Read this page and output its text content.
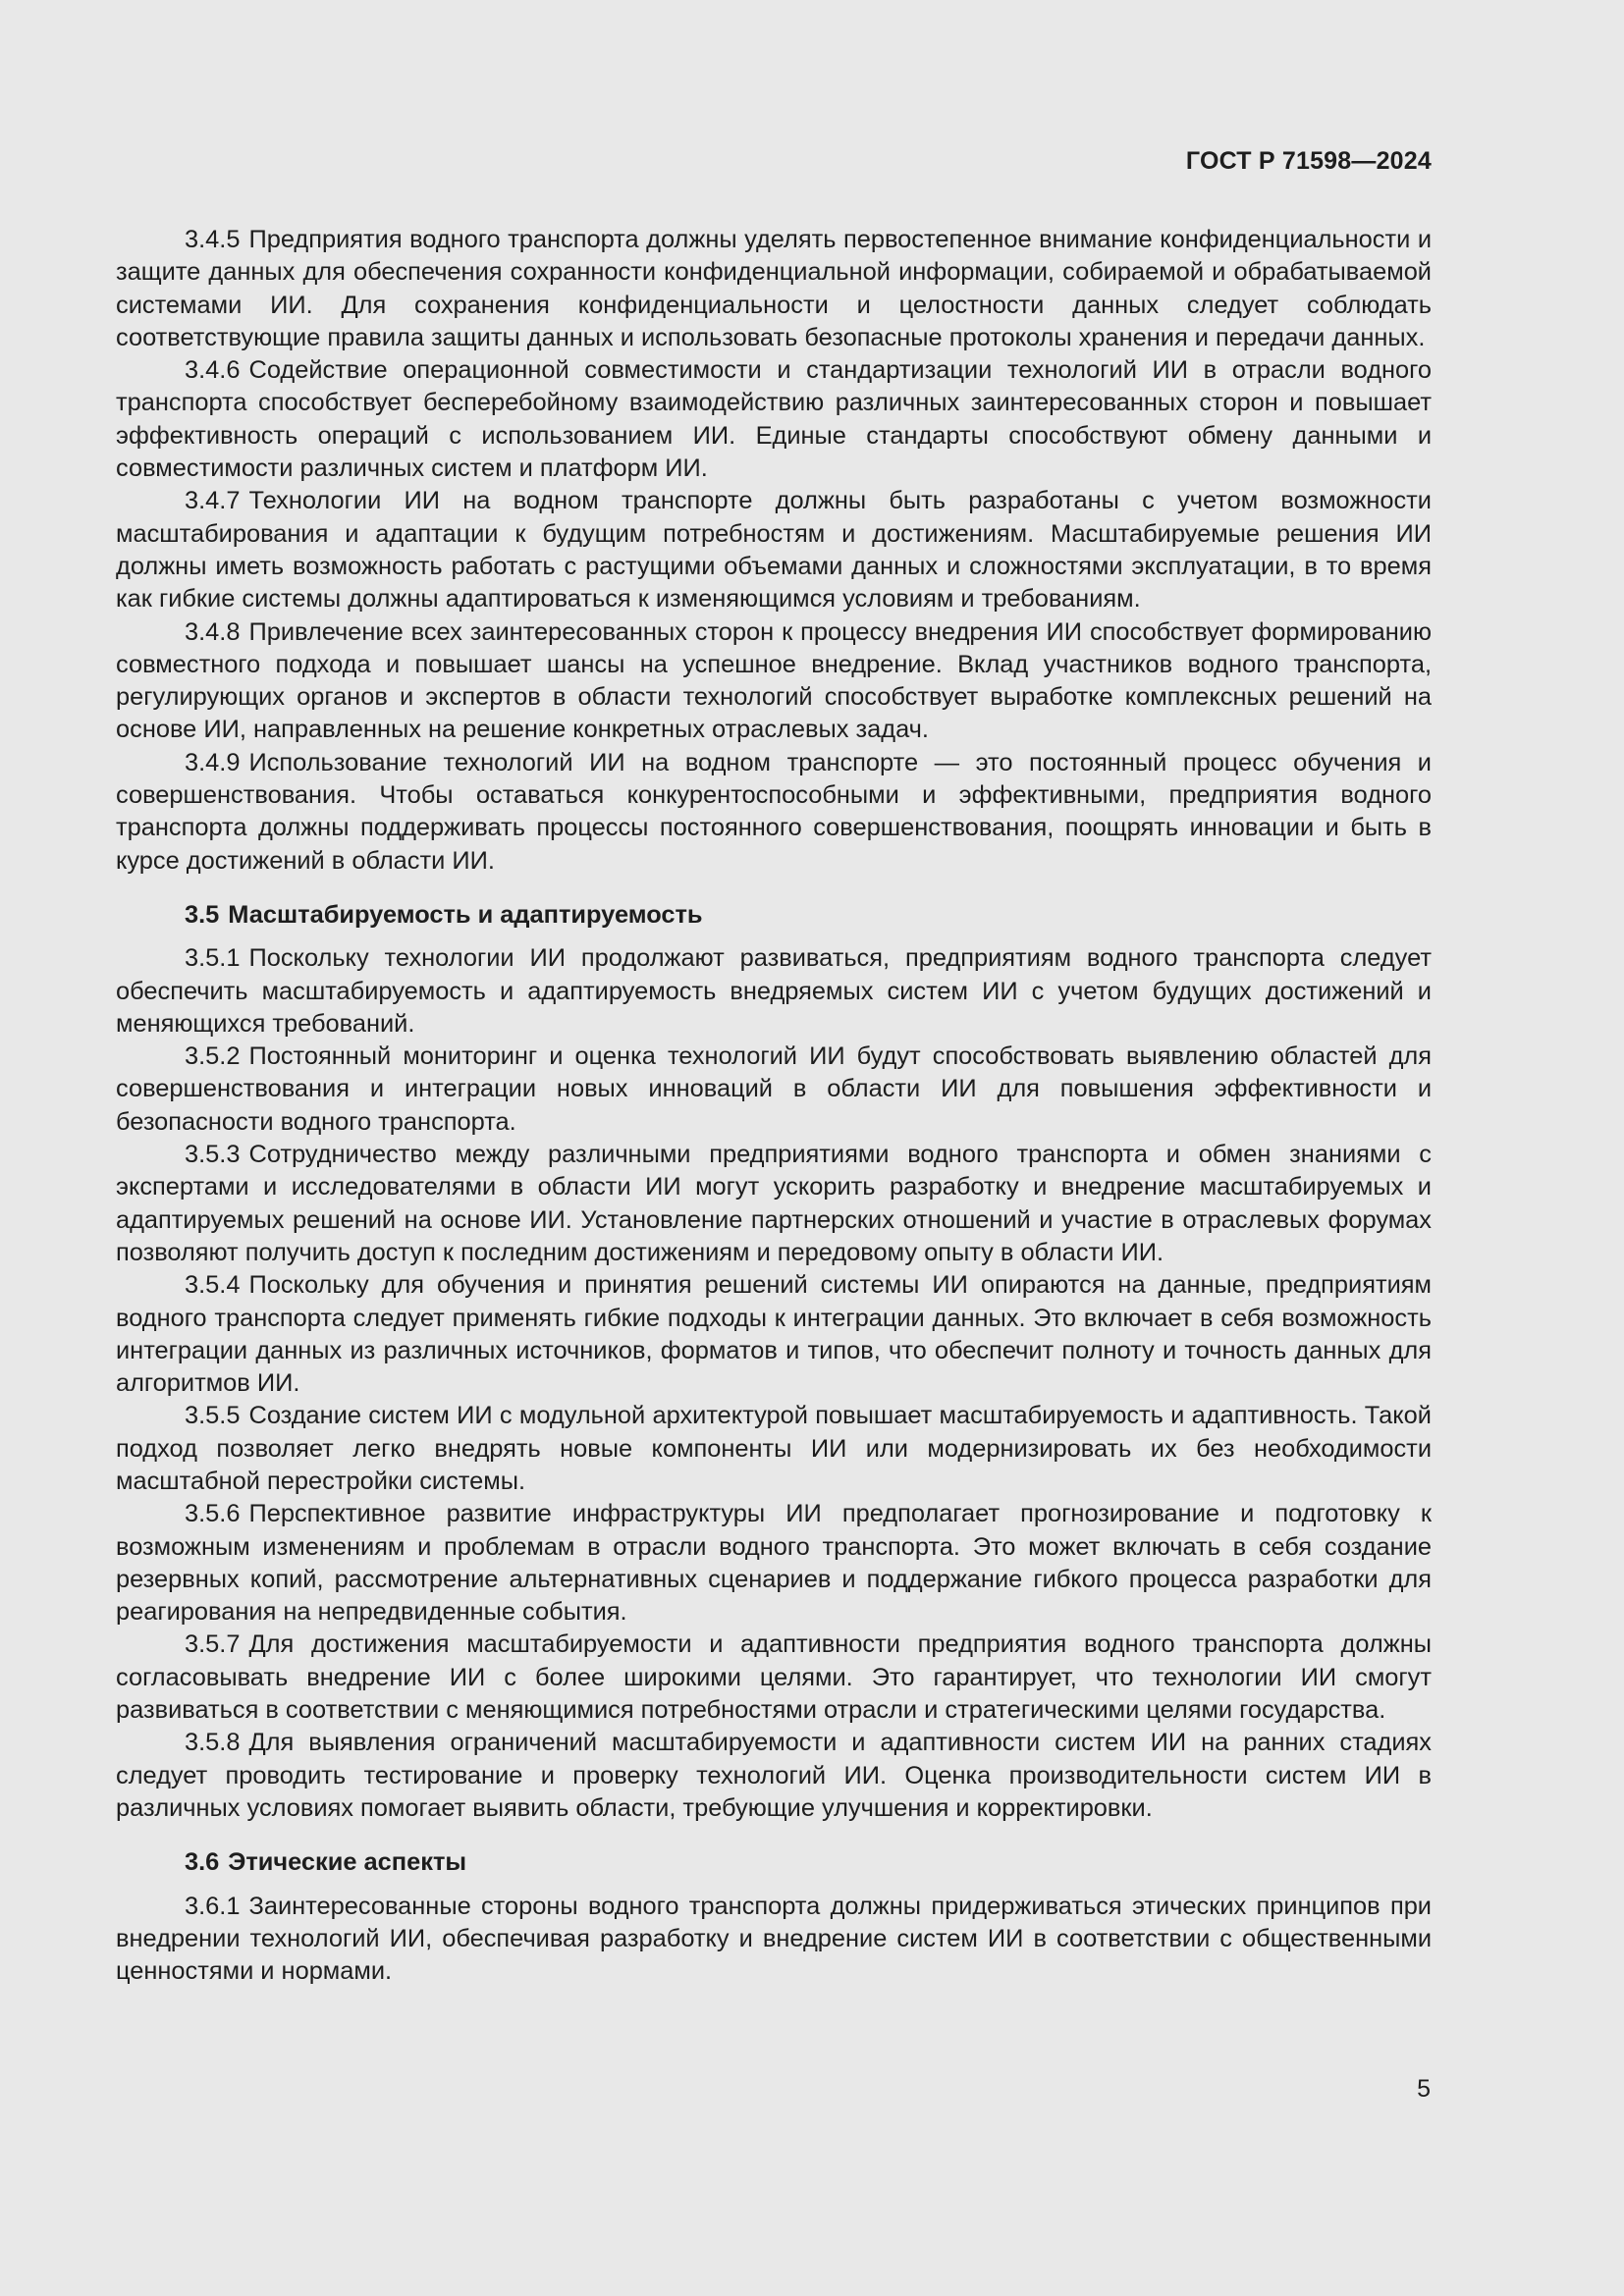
ГОСТ Р 71598—2024

3.4.5 Предприятия водного транспорта должны уделять первостепенное внимание конфиденциальности и защите данных для обеспечения сохранности конфиденциальной информации, собираемой и обрабатываемой системами ИИ. Для сохранения конфиденциальности и целостности данных следует соблюдать соответствующие правила защиты данных и использовать безопасные протоколы хранения и передачи данных.

3.4.6 Содействие операционной совместимости и стандартизации технологий ИИ в отрасли водного транспорта способствует бесперебойному взаимодействию различных заинтересованных сторон и повышает эффективность операций с использованием ИИ. Единые стандарты способствуют обмену данными и совместимости различных систем и платформ ИИ.

3.4.7 Технологии ИИ на водном транспорте должны быть разработаны с учетом возможности масштабирования и адаптации к будущим потребностям и достижениям. Масштабируемые решения ИИ должны иметь возможность работать с растущими объемами данных и сложностями эксплуатации, в то время как гибкие системы должны адаптироваться к изменяющимся условиям и требованиям.

3.4.8 Привлечение всех заинтересованных сторон к процессу внедрения ИИ способствует формированию совместного подхода и повышает шансы на успешное внедрение. Вклад участников водного транспорта, регулирующих органов и экспертов в области технологий способствует выработке комплексных решений на основе ИИ, направленных на решение конкретных отраслевых задач.

3.4.9 Использование технологий ИИ на водном транспорте — это постоянный процесс обучения и совершенствования. Чтобы оставаться конкурентоспособными и эффективными, предприятия водного транспорта должны поддерживать процессы постоянного совершенствования, поощрять инновации и быть в курсе достижений в области ИИ.

3.5 Масштабируемость и адаптируемость

3.5.1 Поскольку технологии ИИ продолжают развиваться, предприятиям водного транспорта следует обеспечить масштабируемость и адаптируемость внедряемых систем ИИ с учетом будущих достижений и меняющихся требований.

3.5.2 Постоянный мониторинг и оценка технологий ИИ будут способствовать выявлению областей для совершенствования и интеграции новых инноваций в области ИИ для повышения эффективности и безопасности водного транспорта.

3.5.3 Сотрудничество между различными предприятиями водного транспорта и обмен знаниями с экспертами и исследователями в области ИИ могут ускорить разработку и внедрение масштабируемых и адаптируемых решений на основе ИИ. Установление партнерских отношений и участие в отраслевых форумах позволяют получить доступ к последним достижениям и передовому опыту в области ИИ.

3.5.4 Поскольку для обучения и принятия решений системы ИИ опираются на данные, предприятиям водного транспорта следует применять гибкие подходы к интеграции данных. Это включает в себя возможность интеграции данных из различных источников, форматов и типов, что обеспечит полноту и точность данных для алгоритмов ИИ.

3.5.5 Создание систем ИИ с модульной архитектурой повышает масштабируемость и адаптивность. Такой подход позволяет легко внедрять новые компоненты ИИ или модернизировать их без необходимости масштабной перестройки системы.

3.5.6 Перспективное развитие инфраструктуры ИИ предполагает прогнозирование и подготовку к возможным изменениям и проблемам в отрасли водного транспорта. Это может включать в себя создание резервных копий, рассмотрение альтернативных сценариев и поддержание гибкого процесса разработки для реагирования на непредвиденные события.

3.5.7 Для достижения масштабируемости и адаптивности предприятия водного транспорта должны согласовывать внедрение ИИ с более широкими целями. Это гарантирует, что технологии ИИ смогут развиваться в соответствии с меняющимися потребностями отрасли и стратегическими целями государства.

3.5.8 Для выявления ограничений масштабируемости и адаптивности систем ИИ на ранних стадиях следует проводить тестирование и проверку технологий ИИ. Оценка производительности систем ИИ в различных условиях помогает выявить области, требующие улучшения и корректировки.

3.6 Этические аспекты

3.6.1 Заинтересованные стороны водного транспорта должны придерживаться этических принципов при внедрении технологий ИИ, обеспечивая разработку и внедрение систем ИИ в соответствии с общественными ценностями и нормами.

5
